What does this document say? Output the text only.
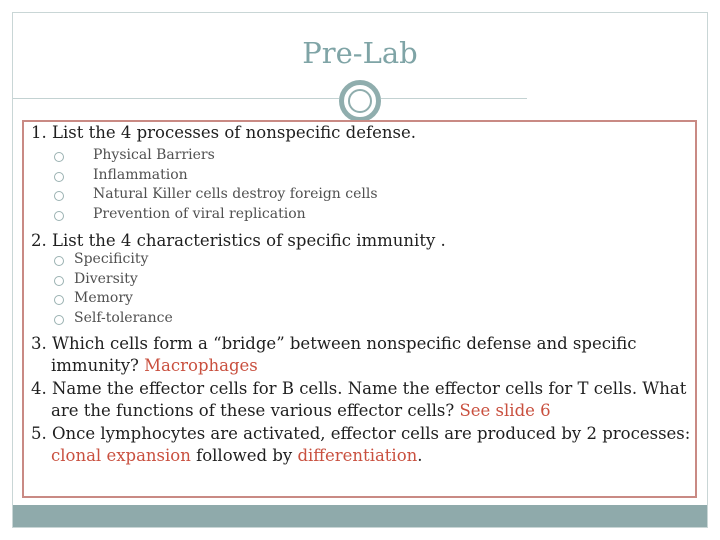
Pre-Lab
1. List the 4 processes of nonspecific defense.
Physical Barriers
Inflammation
Natural Killer cells destroy foreign cells
Prevention of viral replication
2. List the 4 characteristics of specific immunity .
Specificity
Diversity
Memory
Self-tolerance
3. Which cells form a “bridge” between nonspecific defense and specific
immunity? Macrophages
4. Name the effector cells for B cells. Name the effector cells for T cells. What
are the functions of these various effector cells? See slide 6
5. Once lymphocytes are activated, effector cells are produced by 2 processes:
clonal expansion followed by differentiation.
